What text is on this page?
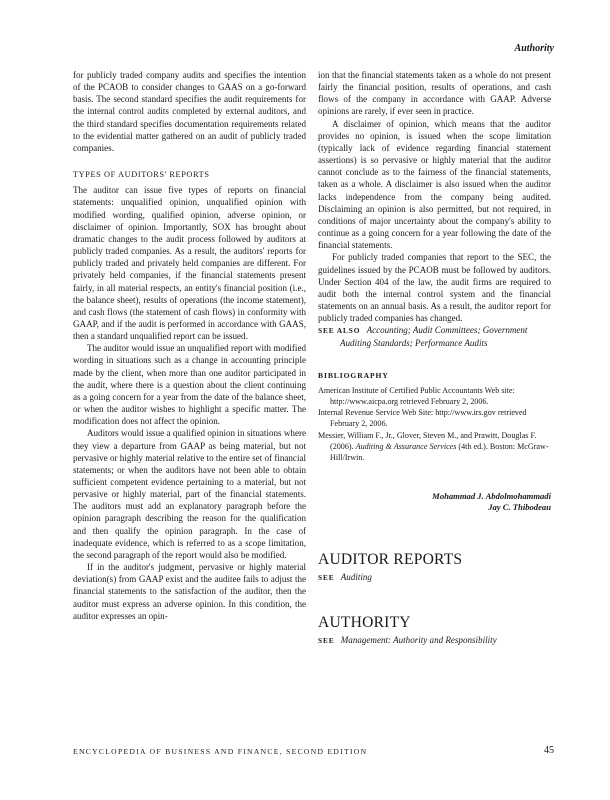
Authority

for publicly traded company audits and specifies the intention of the PCAOB to consider changes to GAAS on a go-forward basis. The second standard specifies the audit requirements for the internal control audits completed by external auditors, and the third standard specifies documentation requirements related to the evidential matter gathered on an audit of publicly traded companies.

TYPES OF AUDITORS' REPORTS

The auditor can issue five types of reports on financial statements: unqualified opinion, unqualified opinion with modified wording, qualified opinion, adverse opinion, or disclaimer of opinion. Importantly, SOX has brought about dramatic changes to the audit process followed by auditors at publicly traded companies. As a result, the auditors' reports for publicly traded and privately held companies are different. For privately held companies, if the financial statements present fairly, in all material respects, an entity's financial position (i.e., the balance sheet), results of operations (the income statement), and cash flows (the statement of cash flows) in conformity with GAAP, and if the audit is performed in accordance with GAAS, then a standard unqualified report can be issued.

The auditor would issue an unqualified report with modified wording in situations such as a change in accounting principle made by the client, when more than one auditor participated in the audit, where there is a question about the client continuing as a going concern for a year from the date of the balance sheet, or when the auditor wishes to highlight a specific matter. The modification does not affect the opinion.

Auditors would issue a qualified opinion in situations where they view a departure from GAAP as being material, but not pervasive or highly material relative to the entire set of financial statements; or when the auditors have not been able to obtain sufficient competent evidence pertaining to a material, but not pervasive or highly material, part of the financial statements. The auditors must add an explanatory paragraph before the opinion paragraph describing the reason for the qualification and then qualify the opinion paragraph. In the case of inadequate evidence, which is referred to as a scope limitation, the second paragraph of the report would also be modified.

If in the auditor's judgment, pervasive or highly material deviation(s) from GAAP exist and the auditee fails to adjust the financial statements to the satisfaction of the auditor, then the auditor must express an adverse opinion. In this condition, the auditor expresses an opin-

ion that the financial statements taken as a whole do not present fairly the financial position, results of operations, and cash flows of the company in accordance with GAAP. Adverse opinions are rarely, if ever seen in practice.

A disclaimer of opinion, which means that the auditor provides no opinion, is issued when the scope limitation (typically lack of evidence regarding financial statement assertions) is so pervasive or highly material that the auditor cannot conclude as to the fairness of the financial statements, taken as a whole. A disclaimer is also issued when the auditor lacks independence from the company being audited. Disclaiming an opinion is also permitted, but not required, in conditions of major uncertainty about the company's ability to continue as a going concern for a year following the date of the financial statements.

For publicly traded companies that report to the SEC, the guidelines issued by the PCAOB must be followed by auditors. Under Section 404 of the law, the audit firms are required to audit both the internal control system and the financial statements on an annual basis. As a result, the auditor report for publicly traded companies has changed.

SEE ALSO Accounting; Audit Committees; Government Auditing Standards; Performance Audits

BIBLIOGRAPHY

American Institute of Certified Public Accountants Web site: http://www.aicpa.org retrieved February 2, 2006.

Internal Revenue Service Web Site: http://www.irs.gov retrieved February 2, 2006.

Messier, William F., Jr., Glover, Steven M., and Prawitt, Douglas F. (2006). Auditing & Assurance Services (4th ed.). Boston: McGraw-Hill/Irwin.

Mohammad J. Abdolmohammadi
Jay C. Thibodeau
AUDITOR REPORTS

SEE Auditing

AUTHORITY

SEE Management: Authority and Responsibility

ENCYCLOPEDIA OF BUSINESS AND FINANCE, SECOND EDITION	45
